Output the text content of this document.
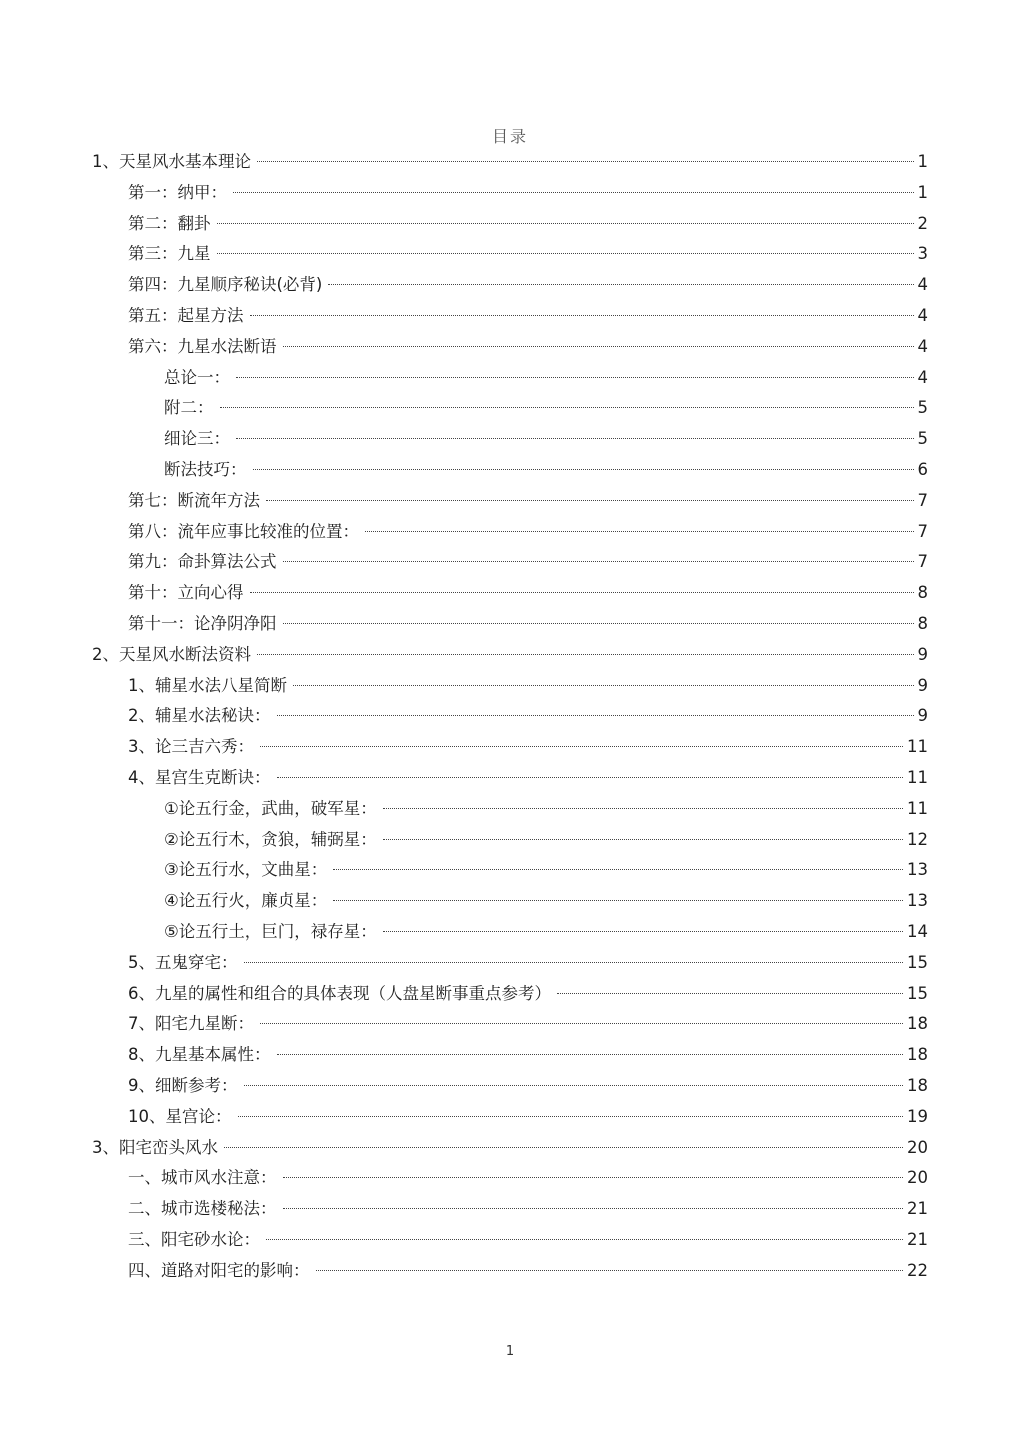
目录
1、天星风水基本理论	1
第一：纳甲：	1
第二：翻卦	2
第三：九星	3
第四：九星顺序秘诀(必背)	4
第五：起星方法	4
第六：九星水法断语	4
总论一：	4
附二：	5
细论三：	5
断法技巧：	6
第七：断流年方法	7
第八：流年应事比较准的位置：	7
第九：命卦算法公式	7
第十：立向心得	8
第十一：论净阴净阳	8
2、天星风水断法资料	9
1、辅星水法八星简断	9
2、辅星水法秘诀：	9
3、论三吉六秀：	11
4、星宫生克断诀：	11
①论五行金，武曲，破军星：	11
②论五行木，贪狼，辅弼星：	12
③论五行水，文曲星：	13
④论五行火，廉贞星：	13
⑤论五行土，巨门，禄存星：	14
5、五鬼穿宅：	15
6、九星的属性和组合的具体表现（人盘星断事重点参考）	15
7、阳宅九星断：	18
8、九星基本属性：	18
9、细断参考：	18
10、星宫论：	19
3、阳宅峦头风水	20
一、城市风水注意：	20
二、城市选楼秘法：	21
三、阳宅砂水论：	21
四、道路对阳宅的影响：	22
1
